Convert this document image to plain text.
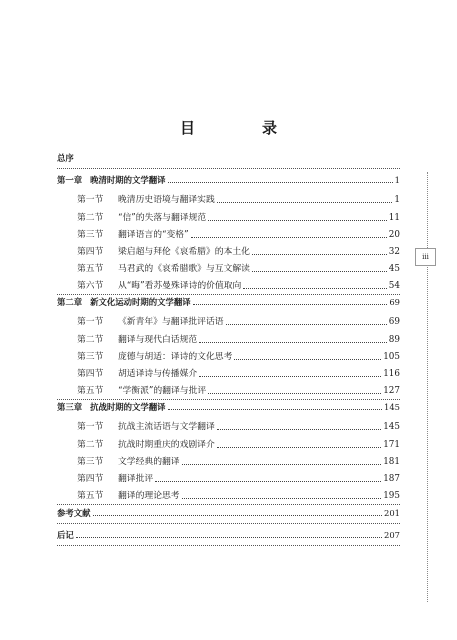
目　录
总序
第一章 晚清时期的文学翻译	1
第一节 晚清历史语境与翻译实践	1
第二节 “信”的失落与翻译规范	11
第三节 翻译语言的“变格”	20
第四节 梁启超与拜伦《哀希腊》的本土化	32
第五节 马君武的《哀希腊歌》与互文解读	45
第六节 从“晦”看苏曼殊译诗的价值取向	54
第二章 新文化运动时期的文学翻译	69
第一节 《新青年》与翻译批评话语	69
第二节 翻译与现代白话规范	89
第三节 庞德与胡适：译诗的文化思考	105
第四节 胡适译诗与传播媒介	116
第五节 “学衡派”的翻译与批评	127
第三章 抗战时期的文学翻译	145
第一节 抗战主流话语与文学翻译	145
第二节 抗战时期重庆的戏剧译介	171
第三节 文学经典的翻译	181
第四节 翻译批评	187
第五节 翻译的理论思考	195
参考文献	201
后记	207
iii
